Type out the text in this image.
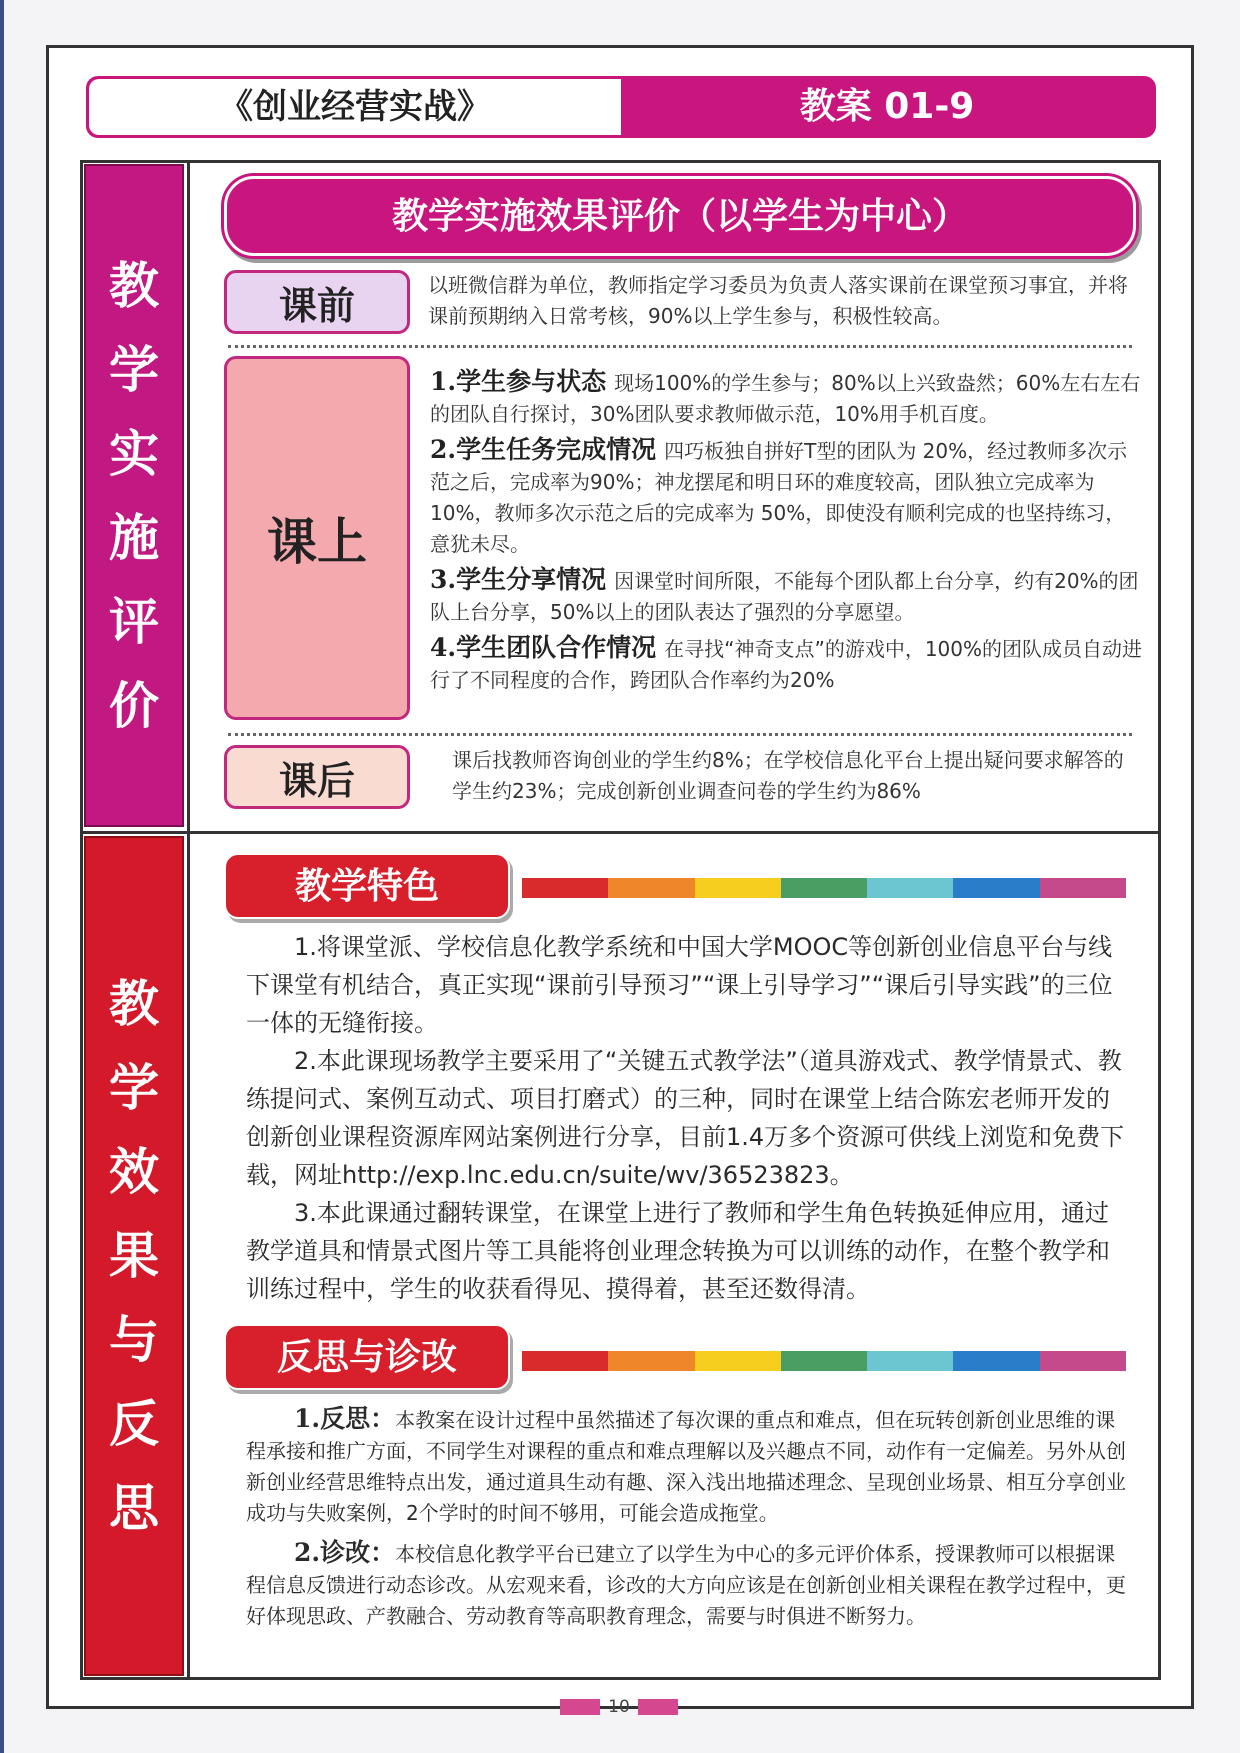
《创业经营实战》	教案 01-9
教
学
实
施
评
价
教
学
效
果
与
反
思
教学实施效果评价（以学生为中心）
课前	以班微信群为单位，教师指定学习委员为负责人落实课前在课堂预习事宜，并将课前预期纳入日常考核，90%以上学生参与，积极性较高。
课上
1.学生参与状态 现场100%的学生参与；80%以上兴致盎然；60%左右左右的团队自行探讨，30%团队要求教师做示范，10%用手机百度。
2.学生任务完成情况 四巧板独自拼好T型的团队为 20%，经过教师多次示范之后，完成率为90%；神龙摆尾和明日环的难度较高，团队独立完成率为10%，教师多次示范之后的完成率为 50%，即使没有顺利完成的也坚持练习，意犹未尽。
3.学生分享情况 因课堂时间所限，不能每个团队都上台分享，约有20%的团队上台分享，50%以上的团队表达了强烈的分享愿望。
4.学生团队合作情况 在寻找“神奇支点”的游戏中，100%的团队成员自动进行了不同程度的合作，跨团队合作率约为20%
课后	课后找教师咨询创业的学生约8%；在学校信息化平台上提出疑问要求解答的学生约23%；完成创新创业调查问卷的学生约为86%
教学特色

1.将课堂派、学校信息化教学系统和中国大学MOOC等创新创业信息平台与线下课堂有机结合，真正实现“课前引导预习”“课上引导学习”“课后引导实践”的三位一体的无缝衔接。

2.本此课现场教学主要采用了“关键五式教学法”（道具游戏式、教学情景式、教练提问式、案例互动式、项目打磨式）的三种，同时在课堂上结合陈宏老师开发的创新创业课程资源库网站案例进行分享，目前1.4万多个资源可供线上浏览和免费下载，网址http://exp.lnc.edu.cn/suite/wv/36523823。

3.本此课通过翻转课堂，在课堂上进行了教师和学生角色转换延伸应用，通过教学道具和情景式图片等工具能将创业理念转换为可以训练的动作，在整个教学和训练过程中，学生的收获看得见、摸得着，甚至还数得清。

反思与诊改

1.反思：本教案在设计过程中虽然描述了每次课的重点和难点，但在玩转创新创业思维的课程承接和推广方面，不同学生对课程的重点和难点理解以及兴趣点不同，动作有一定偏差。另外从创新创业经营思维特点出发，通过道具生动有趣、深入浅出地描述理念、呈现创业场景、相互分享创业成功与失败案例，2个学时的时间不够用，可能会造成拖堂。

2.诊改：本校信息化教学平台已建立了以学生为中心的多元评价体系，授课教师可以根据课程信息反馈进行动态诊改。从宏观来看，诊改的大方向应该是在创新创业相关课程在教学过程中，更好体现思政、产教融合、劳动教育等高职教育理念，需要与时俱进不断努力。

10
